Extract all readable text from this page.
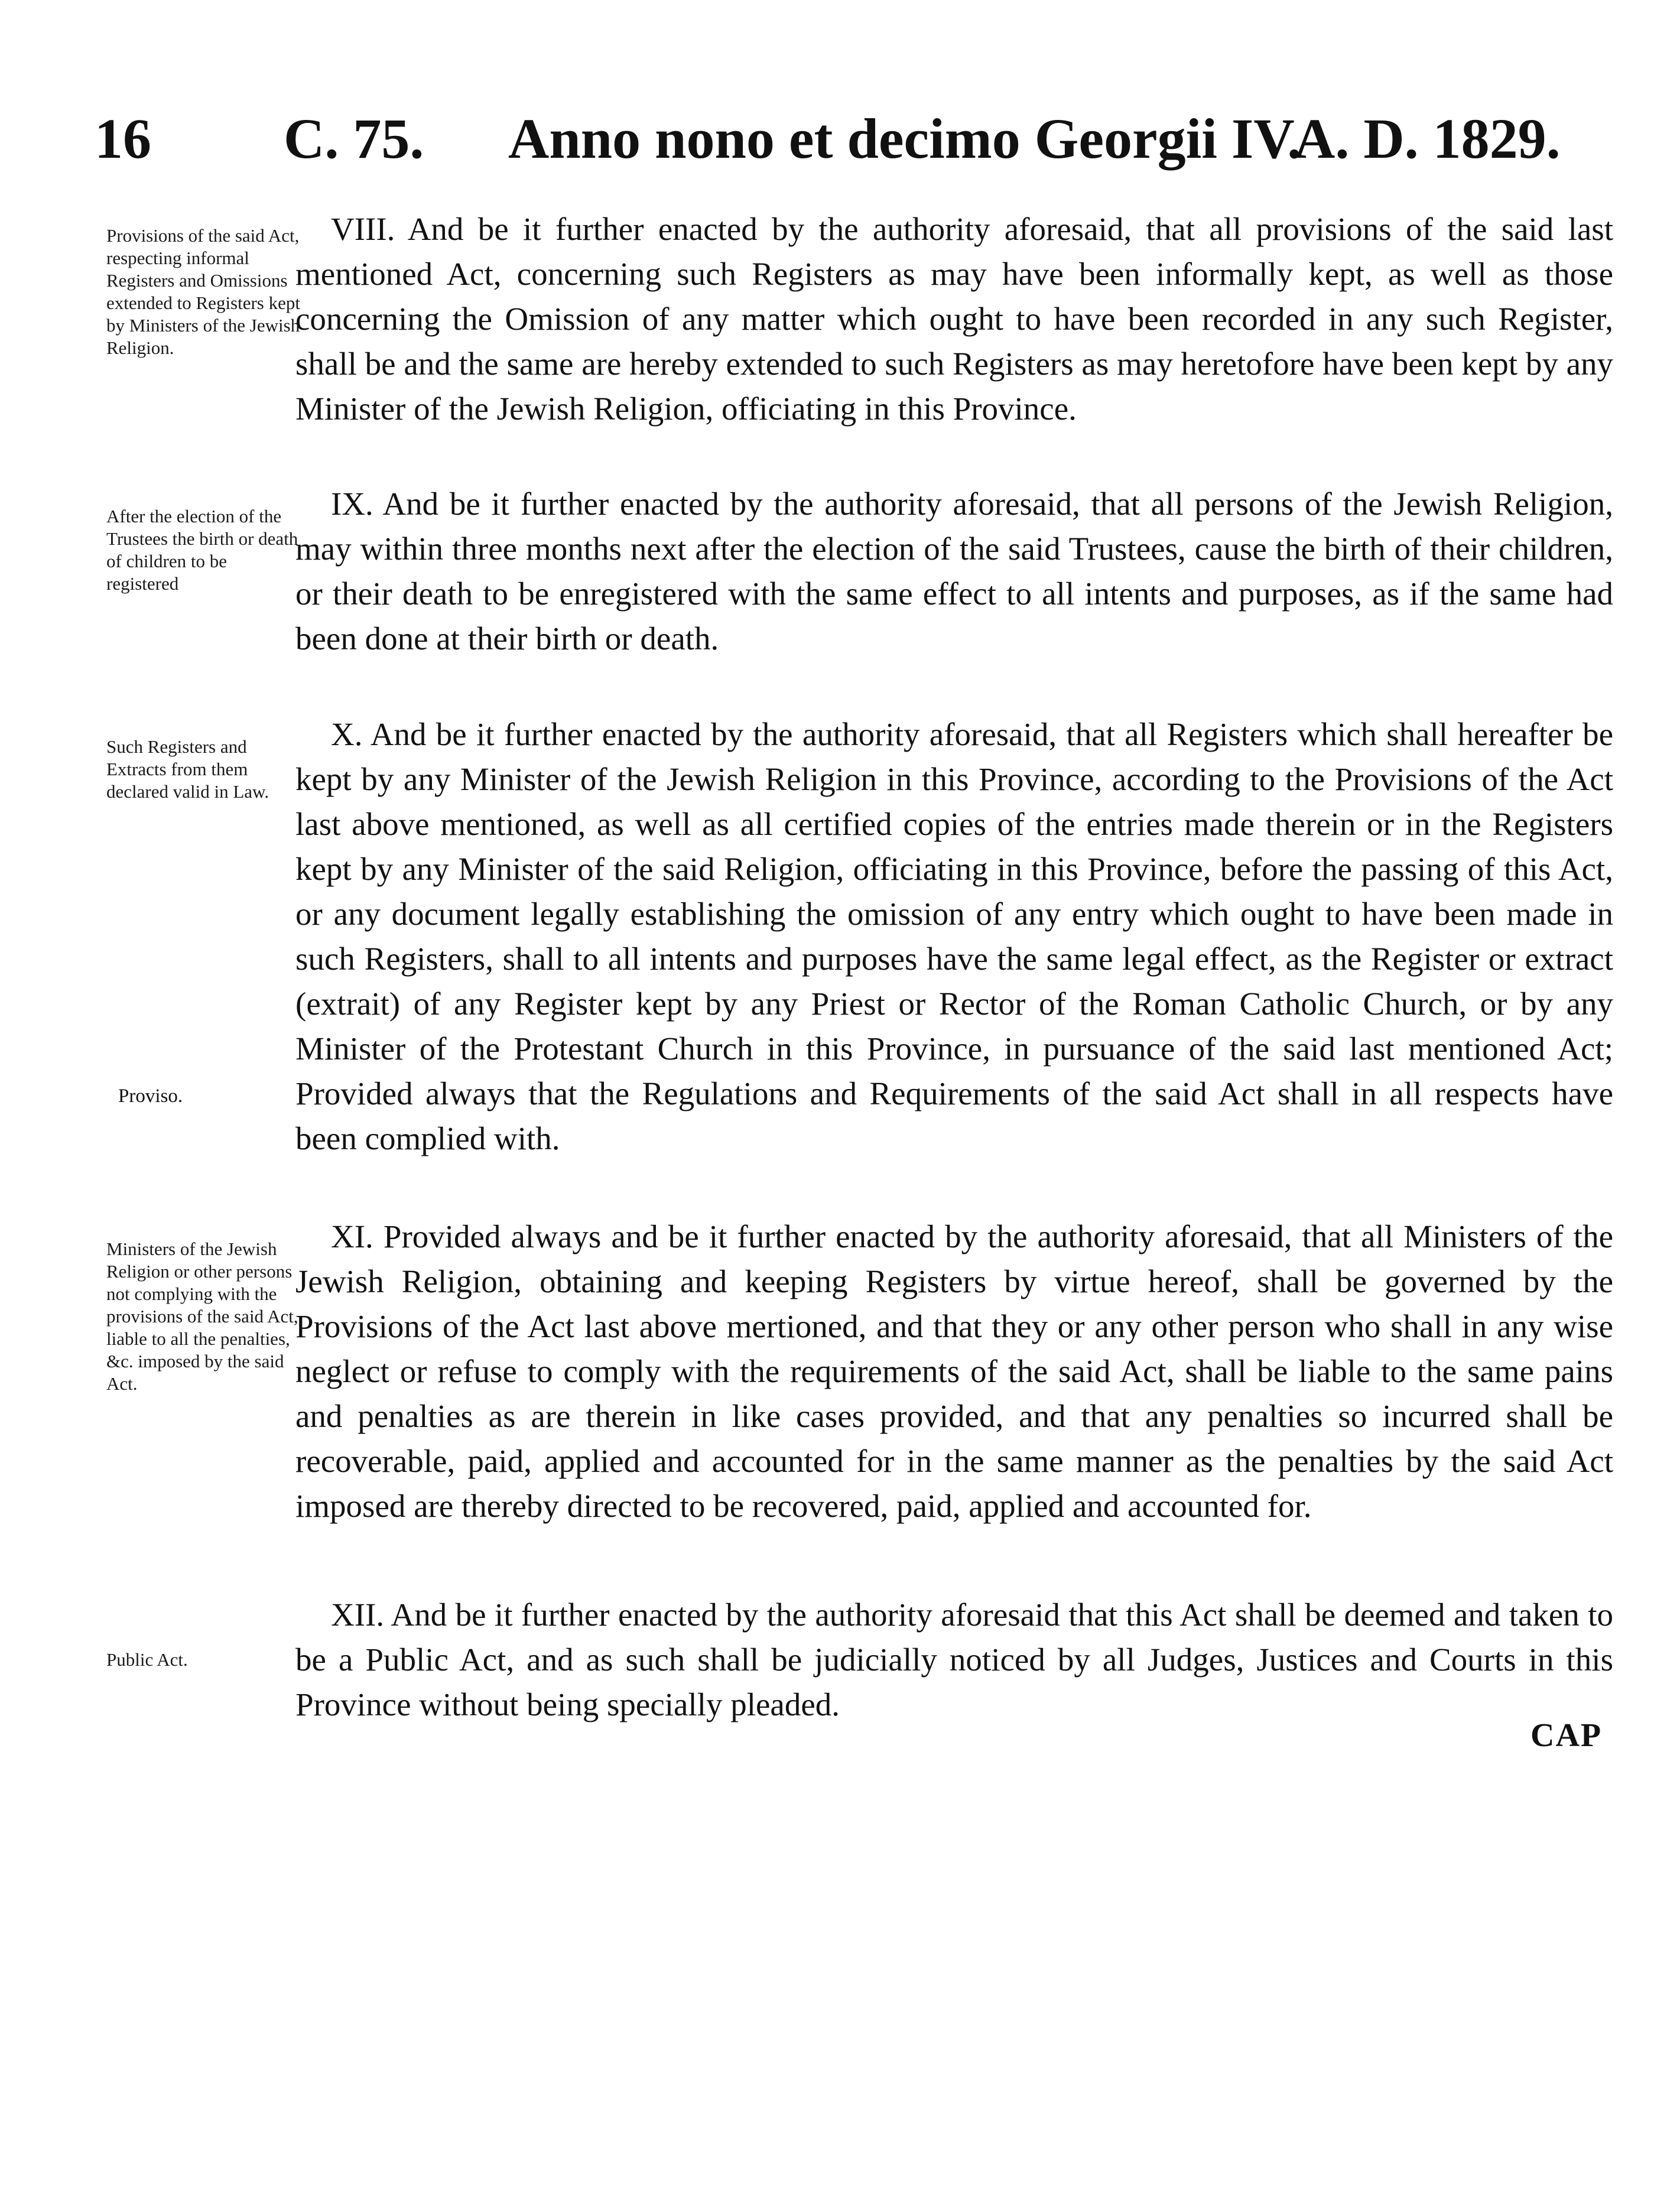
16 C. 75. Anno nono et decimo Georgii IV.
A. D. 1829.
Provisions of the said Act, respecting informal Registers and Omissions extended to Registers kept by Ministers of the Jewish Religion.
VIII. And be it further enacted by the authority aforesaid, that all provisions of the said last mentioned Act, concerning such Registers as may have been informally kept, as well as those concerning the Omission of any matter which ought to have been recorded in any such Register, shall be and the same are hereby extended to such Registers as may heretofore have been kept by any Minister of the Jewish Religion, officiating in this Province.
After the election of the Trustees the birth or death of children to be registered
IX. And be it further enacted by the authority aforesaid, that all persons of the Jewish Religion, may within three months next after the election of the said Trustees, cause the birth of their children, or their death to be enregistered with the same effect to all intents and purposes, as if the same had been done at their birth or death.
Such Registers and Extracts from them declared valid in Law.
Proviso.
X. And be it further enacted by the authority aforesaid, that all Registers which shall hereafter be kept by any Minister of the Jewish Religion in this Province, according to the Provisions of the Act last above mentioned, as well as all certified copies of the entries made therein or in the Registers kept by any Minister of the said Religion, officiating in this Province, before the passing of this Act, or any document legally establishing the omission of any entry which ought to have been made in such Registers, shall to all intents and purposes have the same legal effect, as the Register or extract (extrait) of any Register kept by any Priest or Rector of the Roman Catholic Church, or by any Minister of the Protestant Church in this Province, in pursuance of the said last mentioned Act; Provided always that the Regulations and Requirements of the said Act shall in all respects have been complied with.
Ministers of the Jewish Religion or other persons not complying with the provisions of the said Act, liable to all the penalties, &c. imposed by the said Act.
XI. Provided always and be it further enacted by the authority aforesaid, that all Ministers of the Jewish Religion, obtaining and keeping Registers by virtue hereof, shall be governed by the Provisions of the Act last above mertioned, and that they or any other person who shall in any wise neglect or refuse to comply with the requirements of the said Act, shall be liable to the same pains and penalties as are therein in like cases provided, and that any penalties so incurred shall be recoverable, paid, applied and accounted for in the same manner as the penalties by the said Act imposed are thereby directed to be recovered, paid, applied and accounted for.
Public Act.
XII. And be it further enacted by the authority aforesaid that this Act shall be deemed and taken to be a Public Act, and as such shall be judicially noticed by all Judges, Justices and Courts in this Province without being specially pleaded.
CAP
